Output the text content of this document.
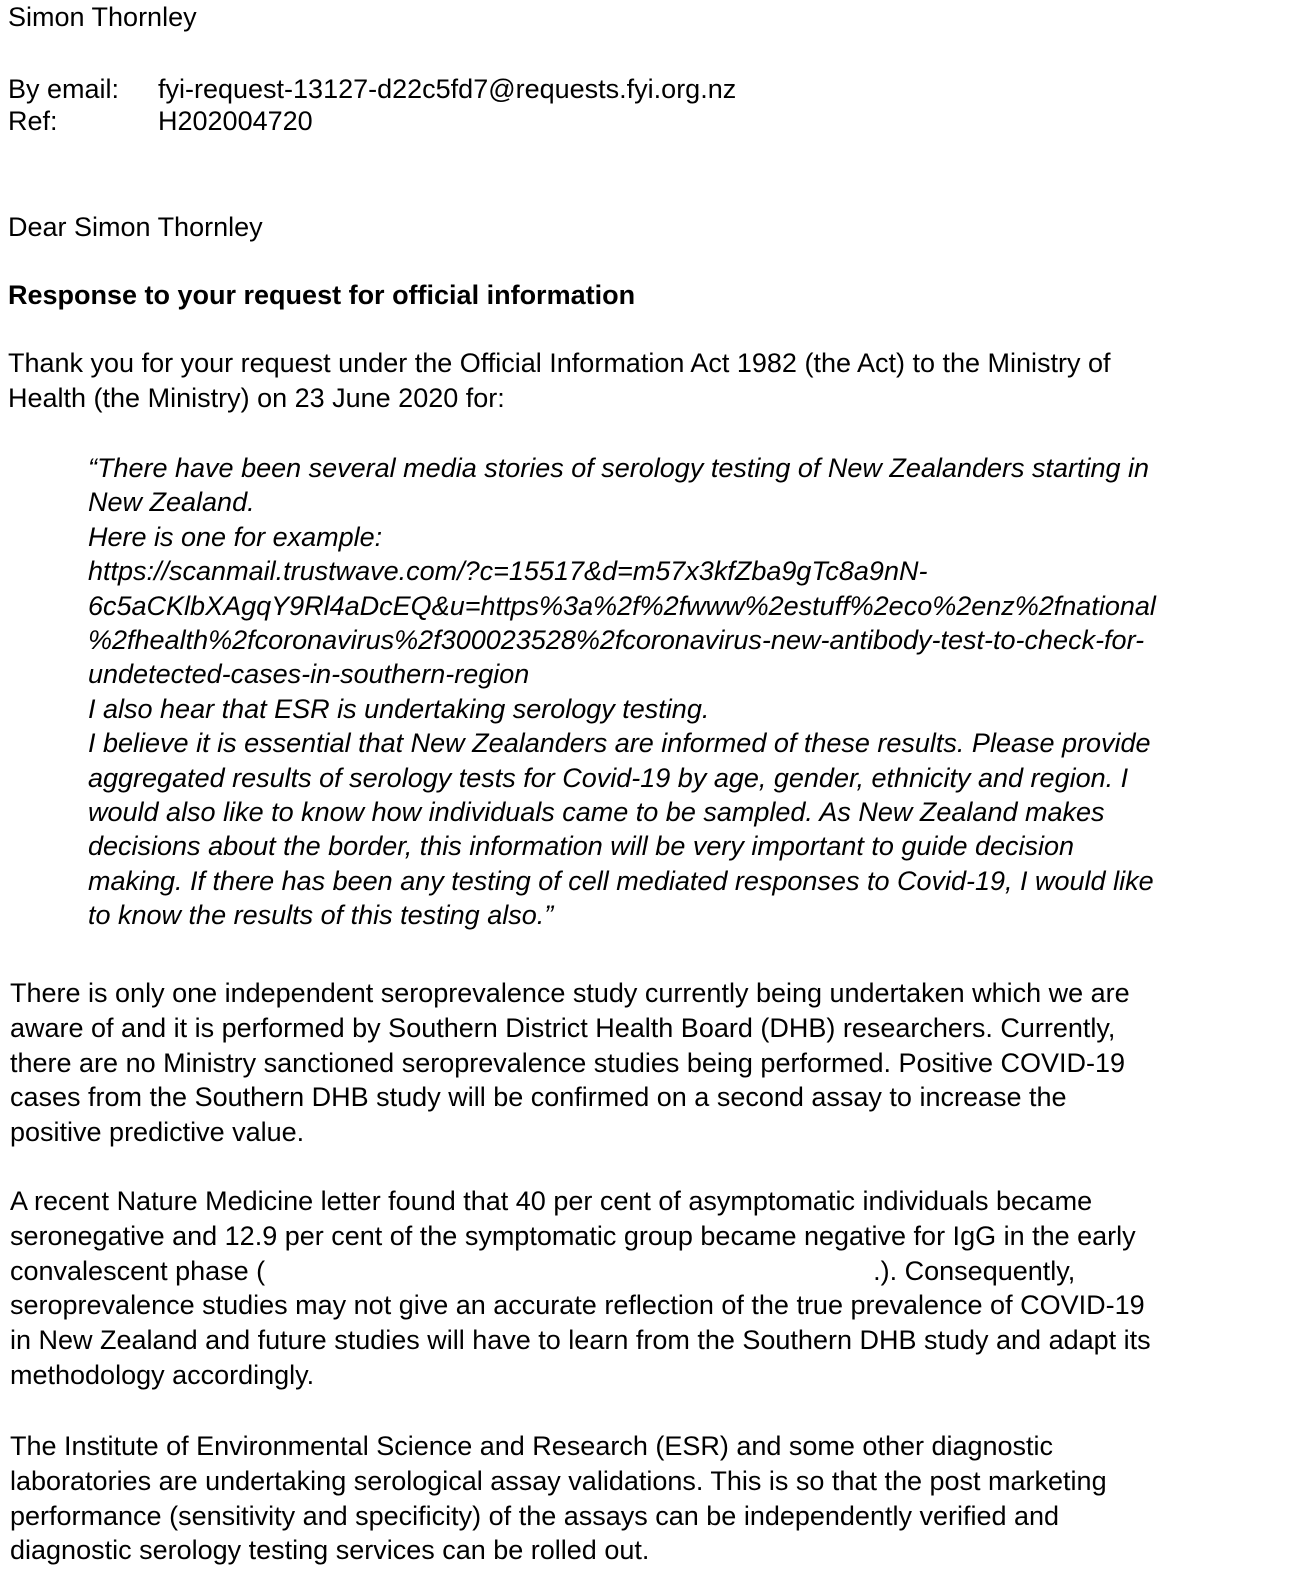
Simon Thornley
By email: fyi-request-13127-d22c5fd7@requests.fyi.org.nz
Ref:	H202004720
Dear Simon Thornley
Response to your request for official information
Thank you for your request under the Official Information Act 1982 (the Act) to the Ministry of
Health (the Ministry) on 23 June 2020 for:
“There have been several media stories of serology testing of New Zealanders starting in
New Zealand.
Here is one for example:
https://scanmail.trustwave.com/?c=15517&d=m57x3kfZba9gTc8a9nN-
6c5aCKlbXAgqY9Rl4aDcEQ&u=https%3a%2f%2fwww%2estuff%2eco%2enz%2fnational
%2fhealth%2fcoronavirus%2f300023528%2fcoronavirus-new-antibody-test-to-check-for-
undetected-cases-in-southern-region
I also hear that ESR is undertaking serology testing.
I believe it is essential that New Zealanders are informed of these results. Please provide
aggregated results of serology tests for Covid-19 by age, gender, ethnicity and region. I
would also like to know how individuals came to be sampled. As New Zealand makes
decisions about the border, this information will be very important to guide decision
making. If there has been any testing of cell mediated responses to Covid-19, I would like
to know the results of this testing also.”
There is only one independent seroprevalence study currently being undertaken which we are
aware of and it is performed by Southern District Health Board (DHB) researchers. Currently,
there are no Ministry sanctioned seroprevalence studies being performed. Positive COVID-19
cases from the Southern DHB study will be confirmed on a second assay to increase the
positive predictive value.
A recent Nature Medicine letter found that 40 per cent of asymptomatic individuals became
seronegative and 12.9 per cent of the symptomatic group became negative for IgG in the early
convalescent phase (	.). Consequently,
seroprevalence studies may not give an accurate reflection of the true prevalence of COVID-19
in New Zealand and future studies will have to learn from the Southern DHB study and adapt its
methodology accordingly.
The Institute of Environmental Science and Research (ESR) and some other diagnostic
laboratories are undertaking serological assay validations. This is so that the post marketing
performance (sensitivity and specificity) of the assays can be independently verified and
diagnostic serology testing services can be rolled out.
